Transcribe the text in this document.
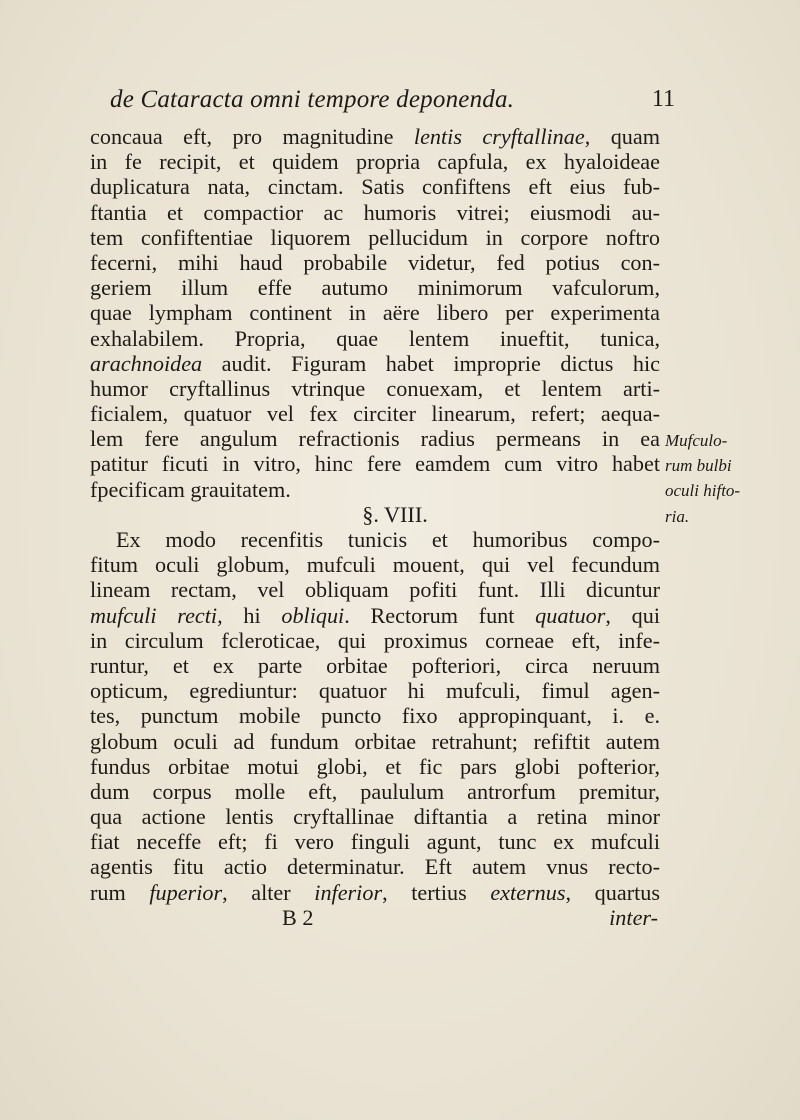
de Cataracta omni tempore deponenda.	11
concaua eft, pro magnitudine lentis cryftallinae, quam
in fe recipit, et quidem propria capfula, ex hyaloideae
duplicatura nata, cinctam. Satis confiftens eft eius fub-
ftantia et compactior ac humoris vitrei; eiusmodi au-
tem confiftentiae liquorem pellucidum in corpore noftro
fecerni, mihi haud probabile videtur, fed potius con-
geriem illum effe autumo minimorum vafculorum,
quae lympham continent in aëre libero per experimenta
exhalabilem. Propria, quae lentem inueftit, tunica,
arachnoidea audit. Figuram habet improprie dictus hic
humor cryftallinus vtrinque conuexam, et lentem arti-
ficialem, quatuor vel fex circiter linearum, refert; aequa-
lem fere angulum refractionis radius permeans in ea
patitur ficuti in vitro, hinc fere eamdem cum vitro habet
fpecificam grauitatem.
§. VIII.
Ex modo recenfitis tunicis et humoribus compo-
fitum oculi globum, mufculi mouent, qui vel fecundum
lineam rectam, vel obliquam pofiti funt. Illi dicuntur
mufculi recti, hi obliqui. Rectorum funt quatuor, qui
in circulum fcleroticae, qui proximus corneae eft, infe-
runtur, et ex parte orbitae pofteriori, circa neruum
opticum, egrediuntur: quatuor hi mufculi, fimul agen-
tes, punctum mobile puncto fixo appropinquant, i. e.
globum oculi ad fundum orbitae retrahunt; refiftit autem
fundus orbitae motui globi, et fic pars globi pofterior,
dum corpus molle eft, paululum antrorfum premitur,
qua actione lentis cryftallinae diftantia a retina minor
fiat neceffe eft; fi vero finguli agunt, tunc ex mufculi
agentis fitu actio determinatur. Eft autem vnus recto-
rum fuperior, alter inferior, tertius externus, quartus
B 2	inter-
Mufculo-
rum bulbi
oculi hifto-
ria.
